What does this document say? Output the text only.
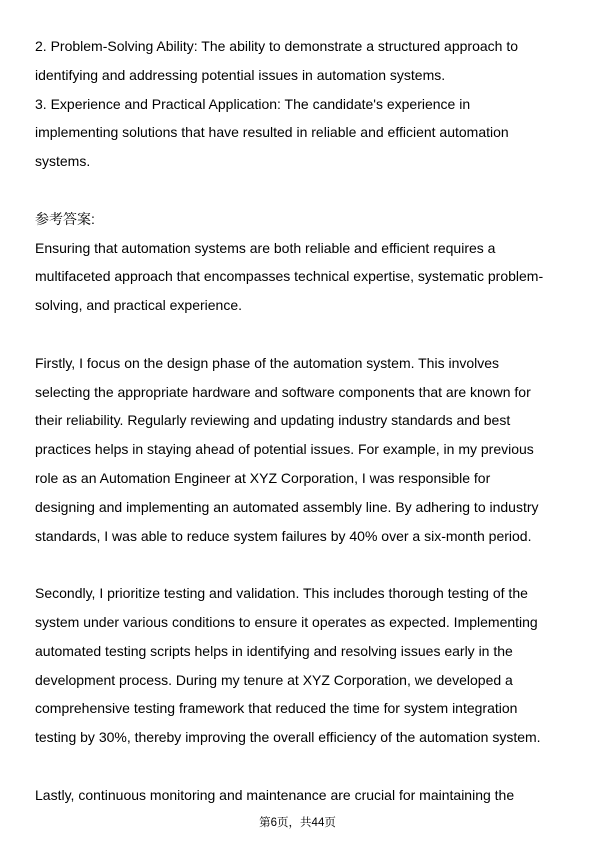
2. Problem-Solving Ability: The ability to demonstrate a structured approach to
identifying and addressing potential issues in automation systems.
3. Experience and Practical Application: The candidate's experience in
implementing solutions that have resulted in reliable and efficient automation
systems.
参考答案:
Ensuring that automation systems are both reliable and efficient requires a
multifaceted approach that encompasses technical expertise, systematic problem-
solving, and practical experience.
Firstly, I focus on the design phase of the automation system. This involves
selecting the appropriate hardware and software components that are known for
their reliability. Regularly reviewing and updating industry standards and best
practices helps in staying ahead of potential issues. For example, in my previous
role as an Automation Engineer at XYZ Corporation, I was responsible for
designing and implementing an automated assembly line. By adhering to industry
standards, I was able to reduce system failures by 40% over a six-month period.
Secondly, I prioritize testing and validation. This includes thorough testing of the
system under various conditions to ensure it operates as expected. Implementing
automated testing scripts helps in identifying and resolving issues early in the
development process. During my tenure at XYZ Corporation, we developed a
comprehensive testing framework that reduced the time for system integration
testing by 30%, thereby improving the overall efficiency of the automation system.
Lastly, continuous monitoring and maintenance are crucial for maintaining the
第6页，共44页
